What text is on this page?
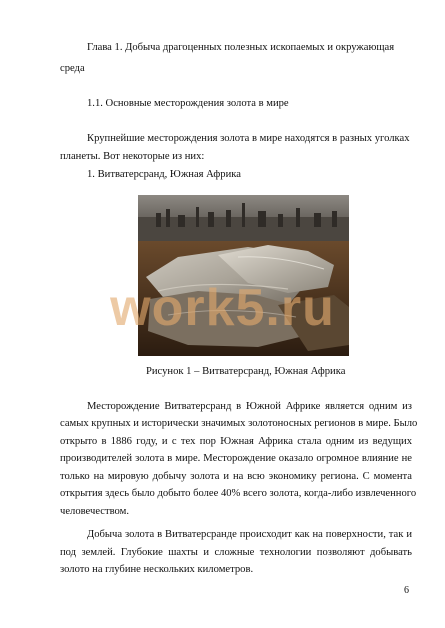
Глава 1. Добыча драгоценных полезных ископаемых и окружающая
среда
1.1. Основные месторождения золота в мире
Крупнейшие месторождения золота в мире находятся в разных уголках
планеты. Вот некоторые из них:
1. Витватерсранд, Южная Африка
Рисунок 1 – Витватерсранд, Южная Африка
Месторождение Витватерсранд в Южной Африке является одним из
самых крупных и исторически значимых золотоносных регионов в мире. Было
открыто в 1886 году, и с тех пор Южная Африка стала одним из ведущих
производителей золота в мире. Месторождение оказало огромное влияние не
только на мировую добычу золота и на всю экономику региона. С момента
открытия здесь было добыто более 40% всего золота, когда-либо извлеченного
человечеством.
Добыча золота в Витватерсранде происходит как на поверхности, так и
под землей. Глубокие шахты и сложные технологии позволяют добывать
золото на глубине нескольких километров.
work5.ru
6
